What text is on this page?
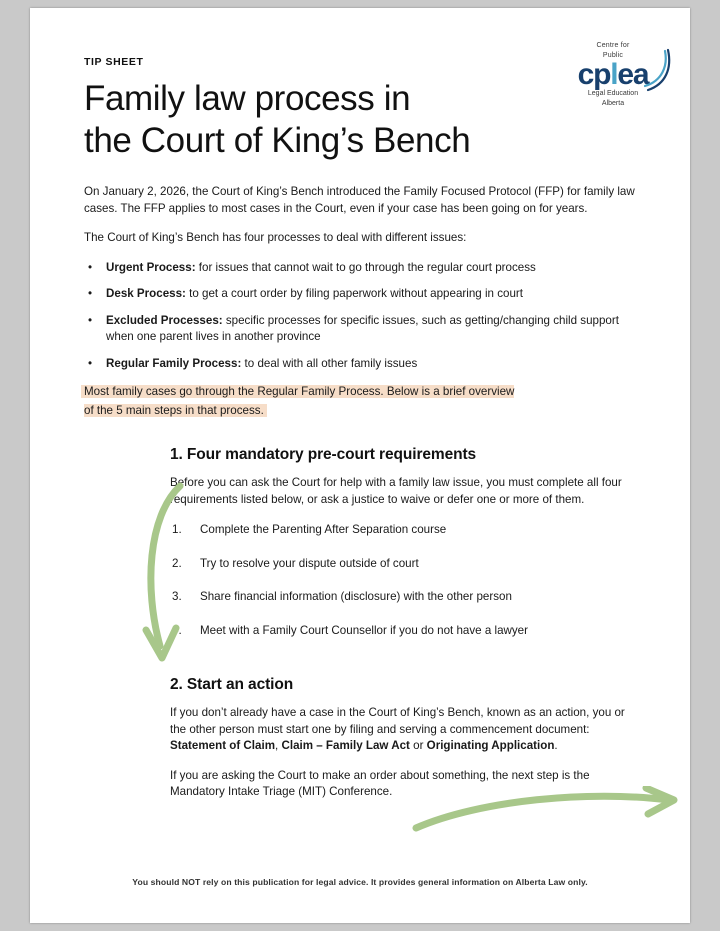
Centre for
Public
cplea
Legal Education
Alberta
TIP SHEET
Family law process in
the Court of King’s Bench

On January 2, 2026, the Court of King’s Bench introduced the Family Focused Protocol (FFP) for family law cases. The FFP applies to most cases in the Court, even if your case has been going on for years.

The Court of King’s Bench has four processes to deal with different issues:

• Urgent Process: for issues that cannot wait to go through the regular court process
• Desk Process: to get a court order by filing paperwork without appearing in court
• Excluded Processes: specific processes for specific issues, such as getting/changing child support when one parent lives in another province
• Regular Family Process: to deal with all other family issues
Most family cases go through the Regular Family Process. Below is a brief overview of the 5 main steps in that process.
1. Four mandatory pre-court requirements

Before you can ask the Court for help with a family law issue, you must complete all four requirements listed below, or ask a justice to waive or defer one or more of them.

Complete the Parenting After Separation course
Try to resolve your dispute outside of court
Share financial information (disclosure) with the other person
Meet with a Family Court Counsellor if you do not have a lawyer
2. Start an action

If you don’t already have a case in the Court of King’s Bench, known as an action, you or the other person must start one by filing and serving a commencement document: Statement of Claim, Claim – Family Law Act or Originating Application.

If you are asking the Court to make an order about something, the next step is the Mandatory Intake Triage (MIT) Conference.

You should NOT rely on this publication for legal advice. It provides general information on Alberta Law only.
